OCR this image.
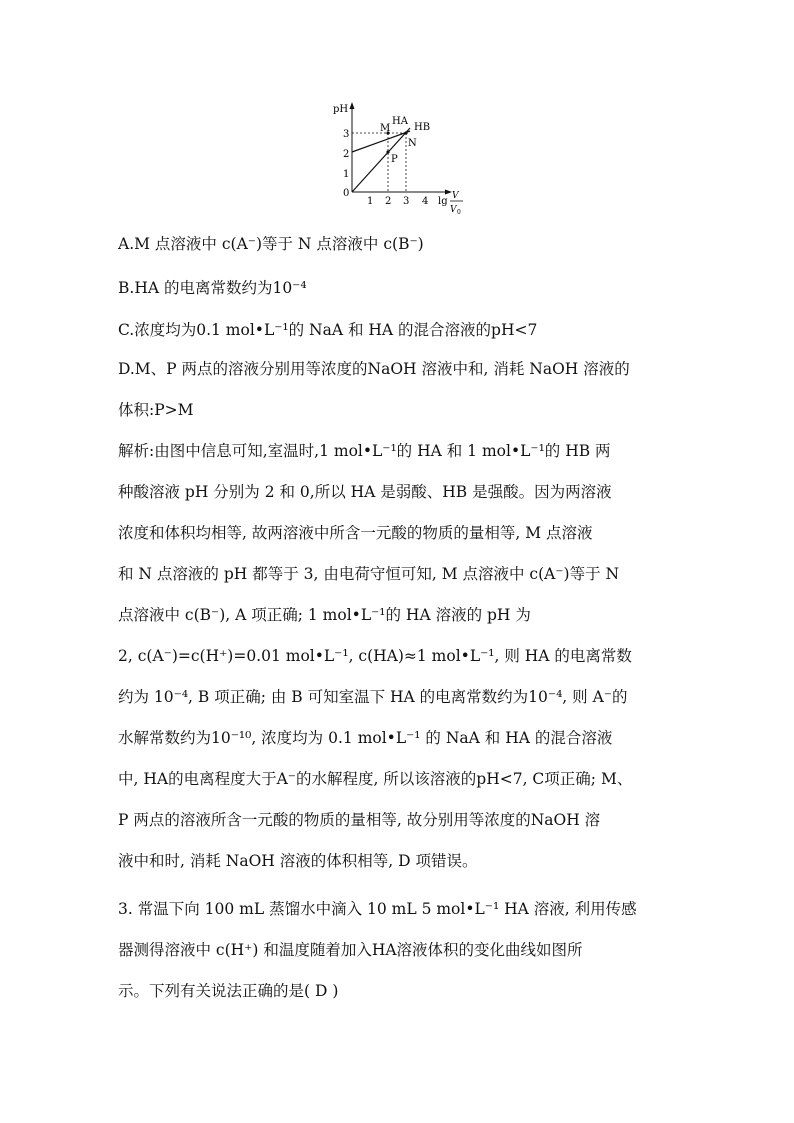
pH
0
1
2
3
1 2 3 4 lg V
V 0
HA
HB
M
N
P
A.M 点溶液中 c(A⁻)等于 N 点溶液中 c(B⁻)
B.HA 的电离常数约为10⁻⁴
C.浓度均为0.1 mol•L⁻¹的 NaA 和 HA 的混合溶液的pH<7
D.M、P 两点的溶液分别用等浓度的NaOH 溶液中和, 消耗 NaOH 溶液的
体积:P>M
解析:由图中信息可知,室温时,1 mol•L⁻¹的 HA 和 1 mol•L⁻¹的 HB 两
种酸溶液 pH 分别为 2 和 0,所以 HA 是弱酸、HB 是强酸。因为两溶液
浓度和体积均相等, 故两溶液中所含一元酸的物质的量相等, M 点溶液
和 N 点溶液的 pH 都等于 3, 由电荷守恒可知, M 点溶液中 c(A⁻)等于 N
点溶液中 c(B⁻), A 项正确; 1 mol•L⁻¹的 HA 溶液的 pH 为
2, c(A⁻)=c(H⁺)=0.01 mol•L⁻¹, c(HA)≈1 mol•L⁻¹, 则 HA 的电离常数
约为 10⁻⁴, B 项正确; 由 B 可知室温下 HA 的电离常数约为10⁻⁴, 则 A⁻的
水解常数约为10⁻¹⁰, 浓度均为 0.1 mol•L⁻¹ 的 NaA 和 HA 的混合溶液
中, HA的电离程度大于A⁻的水解程度, 所以该溶液的pH<7, C项正确; M、
P 两点的溶液所含一元酸的物质的量相等, 故分别用等浓度的NaOH 溶
液中和时, 消耗 NaOH 溶液的体积相等, D 项错误。
3. 常温下向 100 mL 蒸馏水中滴入 10 mL 5 mol•L⁻¹ HA 溶液, 利用传感
器测得溶液中 c(H⁺) 和温度随着加入HA溶液体积的变化曲线如图所
示。下列有关说法正确的是( D )
